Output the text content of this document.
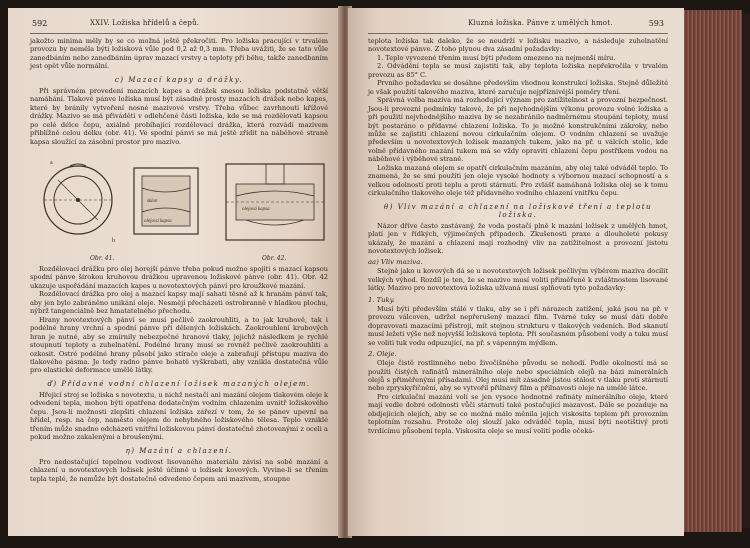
592	XXIV. Ložiska hřídelů a čepů.

jakožto minima měly by se co možná ještě překročiti. Pro ložiska pracující v trvalém provozu by neměla býti ložisková vůle pod 0,2 až 0,3 mm. Třeba uvážiti, že se tato vůle zanedbáním nebo zanedbáním úprav mazací vrstvy a teploty při běhu, takže zanedbaním jest opět vůle normální.

c) Mazací kapsy a drážky.

Při správném provedení mazacích kapes a drážek snesou ložiska podstatně větší namáhání. Tlakové pánve ložiska musí být zásadně prosty mazacích drážek nebo kapes, které by bránily vytvoření nosné mazivové vrstvy. Třeba vůbec zavrhnouti křížové drážky. Mazivo se má přiváděti v odlehčené části ložiska, kde se má rozdělovati kapsou po celé délce čepu, axiálně probíhající rozdělovací drážka, která rozvádí mazivem přiblížně celou délku (obr. 41). Ve spodní pánvi se má ještě zřídit na náběhové straně kapsa sloužící za zásobní prostor pro mazivo.

a
b
sklon
olejová kapsa
olejová kapsa
Obr. 41.	Obr. 42.

Rozdělovací drážku pro olej horejší pánve třeba pokud možno spojiti s mazací kapsou spodní pánve širokou kruhovou drážkou upravenou ložiskové pánve (obr. 41). Obr. 42 ukazuje uspořádání mazacích kapes u novotextových pánví pro kroužkové mazání.

Rozdělovací drážka pro olej a mazací kapsy mají sahati těsně až k hranám pánví tak, aby jen bylo zabráněno unikání oleje. Nesmějí přecházeti ostrobranně v hladkou plochu, nýbrž tangenciálně bez hmatatelného přechodu.

Hrany novotextových pánví se musí pečlivě zaokrouhliti, a to jak kruhově, tak i podélné hrany vrchní a spodní pánve při dělených ložiskách. Zaokrouhlení krubových hran je nutné, aby se zmírnily nebezpečné hranové tlaky, jejichž následkem je rychlé stoupnutí teploty a zuhelnatění. Podélné hrany musí se rovněž pečlivě zaokrouhliti a ozkosit. Ostré podélné hrany působí jako stírače oleje a zabraňují přístupu maziva do tlakového pásma. Je tedy radno pánve bohatě vyškrabati, aby vznikla dostatečná vůle pro elastické deformace umělé látky.

ď) Přídavné vodní chlazení ložisek mazaných olejem.

Hřejicí stroj se ložiska s novotextu, u nichž nestačí ani mazání olejem tlakovém oleje k odvedení tepla, mohou býti opatřena dodatečným vodním chlazením uvnitř ložiskového čepu. Jsou-li možnosti zlepšiti chlazení ložiska zářezí v tom, že se pánev upevní na hřídel, resp. na čep, naměsto olejem do nehybného ložiskového tělesa. Teplo vzniklé třením může snadno odcházeti vnitřní ložiskovou pánví dostatečně zhotovenými z oceli a pokud možno zakalenými a broušenými.

η) Mazání a chlazení.

Pro nedostačující tepelnou vodivost lisovaného materiálu závisí na sobě mazání a chlazení u novotextových ložisek ještě účinně u ložisek kovových. Vyvine-li se třením tepla teplé, že nemůže být dostatečně odvedeno čepem ani mazivem, stoupne

Kluzná ložiska. Pánve z umělých hmot.	593

teplota ložiska tak daleko, že se neudrží v ložisku mazivo, a následuje zuhelnatění novotextové pánve. Z toho plynou dva zásadní požadavky:

1. Teplo vyvozené třením musí býti předem omezeno na nejmenší míru.
2. Odvádění tepla se musí zajistiti tak, aby teplota ložiska nepřekročila v trvalém provozu as 85° C.

Prvního požadavku se dosáhne především vhodnou konstrukcí ložiska. Stejně důležité je však použití takového maziva, které zaručuje nejpříznivější poměry tření.

Správná volba maziva má rozhodující význam pro zatížitelnost a provozní bezpečnost. Jsou-li provozní podmínky takové, že při nejvhodnějším výkonu provozu volné ložiska a při použití nejvhodnějšího maziva by se nezabránilo nadměrnému stoupání teploty, musí být postaráno o přídavné chlazení ložiska. To je možné konstrukčními zákroky, nebo může se zajistiti chlazení novou cirkulačním olejem. O vodním chlazení se uvažuje především u novotextových ložisek mazaných tukem, jako na př. u válcích stolic, kde volně přídavného mazání tukem má se vždy opraviti chlazení čepu postříkem vodou na náběhové i výběhové straně.

Ložiska mazaná olejem se opatří cirkulačním mazáním, aby olej také odváděl teplo. To znamená, že se smí použíti jen oleje vysoké hodnoty s výbornou mazací schopností a s velkou odolností proti teplu a proti stárnutí. Pro zvlášť namáhaná ložiska olej se k tomu cirkulačního tlakového oleje též přídavného vodního chlazení vnitřku čepu.

θ) Vliv mazání a chlazení na ložiskové tření a teplotu ložiska.

Názor dříve často zastávaný, že voda postačí plně k mazání ložisek z umělých hmot, platí jen v řídkých, výjimečných případech. Zkušenosti praxe a dlouholeté pokusy ukázaly, že mazání a chlazení mají rozhodný vliv na zatížitelnost a provozní jistotu novotextových ložisek.

aa) Vliv maziva.

Stejně jako u kovových dá se u novotextových ložisek pečlivým výběrem maziva docílit velkých výhod. Rozdíl je ten, že se mazivo musí voliti přiměřeně k zvláštnostem lisované látky. Mazivo pro novotextová ložiska užívaná musí splňovati tyto požadavky:

1. Tuky.

Musí býti především stálé v tlaku, aby se i při nárazech zatížení, jaká jsou na př. v provozu válcoven, udržel nepřerušený mazací film. Tvárné tuky se musí dáti dobře dopravovati mazacími přístroji, mít stejnou strukturu v tlakových vedeních. Bod skanutí musí ležeti výše než nejvyšší ložisková teplota. Při současném působení vody a tuku musí se voliti tuk vodu odpuzující, na př. s vápenným mýdlem.

2. Oleje.

Oleje čistě rostlinného nebo živočišného původu se nehodí. Podle okolností má se použíti čistých rafinátů minerálního oleje nebo speciálních olejů na bázi minerálních olejů s přiměřenými přísadami. Olej musí mít zásadně jistou stálost v tlaku proti stárnutí nebo zpryskyřičnění, aby se vytvořil přilnavý film a přilnavosti oleje na umělé látce.

Pro cirkulační mazání volí se jen vysoce hodnotné rafináty minerálního oleje, které mají vedle dobré odolnosti vůči stárnutí také postačující mazavost. Dále se pozaduje na obdjejicích olejích, aby se co možná málo měnila jejich viskosita teplem při provozním teplotním rozsahu. Protože olej slouží jako odváděč tepla, musí býti neotištivý proti tvrdícímu působení tepla. Viskosita oleje se musí volití podle očeká-
